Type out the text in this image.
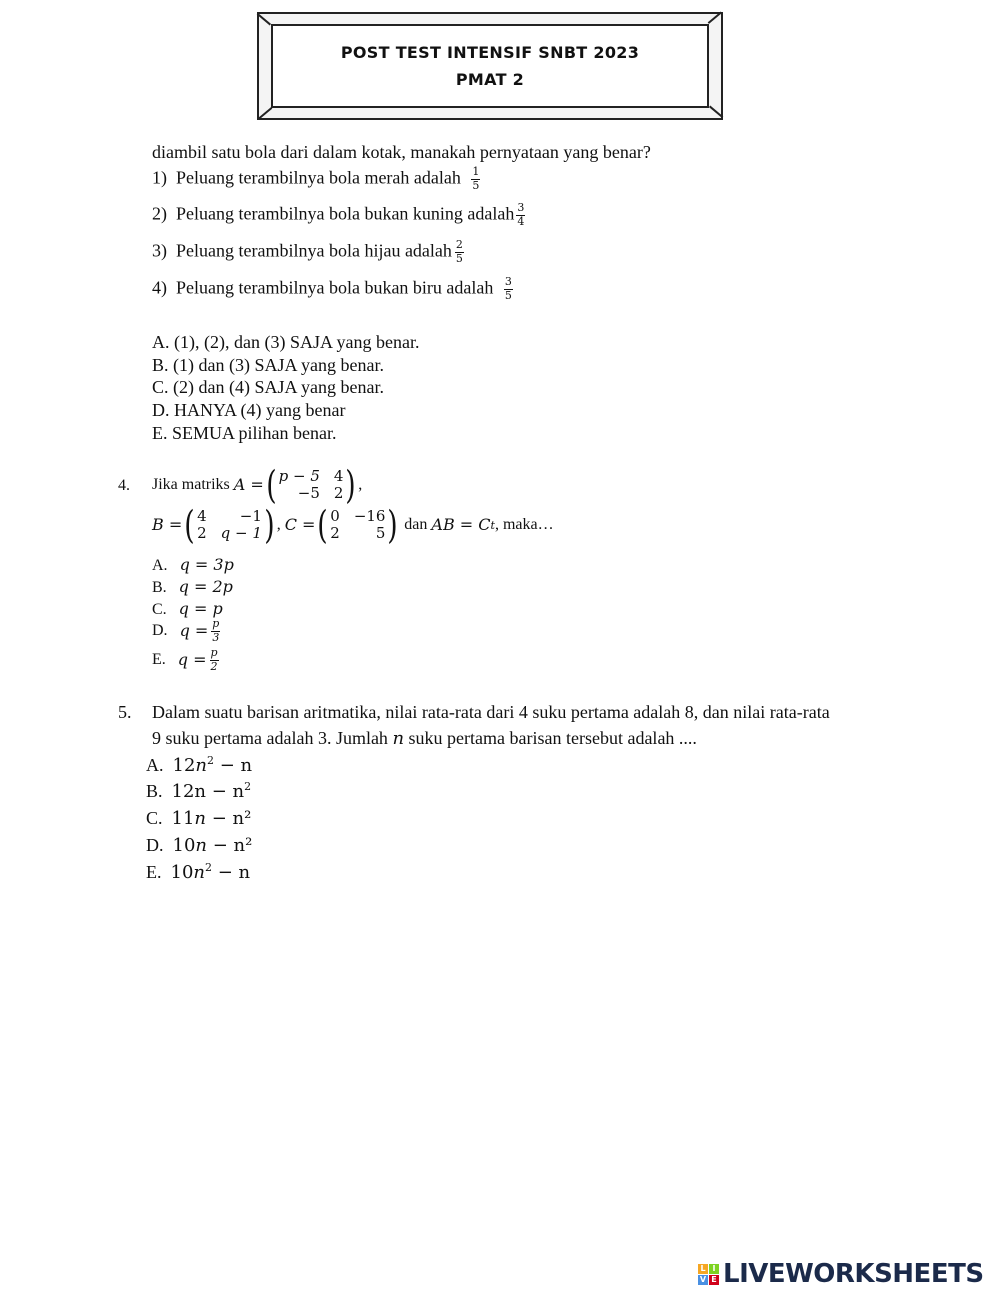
POST TEST INTENSIF SNBT 2023
PMAT 2
diambil satu bola dari dalam kotak, manakah pernyataan yang benar?
1) Peluang terambilnya bola merah adalah $\frac{1}{5}$
2) Peluang terambilnya bola bukan kuning adalah $\frac{3}{4}$
3) Peluang terambilnya bola hijau adalah $\frac{2}{5}$
4) Peluang terambilnya bola bukan biru adalah $\frac{3}{5}$
A. (1), (2), dan (3) SAJA yang benar.
B. (1) dan (3) SAJA yang benar.
C. (2) dan (4) SAJA yang benar.
D. HANYA (4) yang benar
E. SEMUA pilihan benar.
4. Jika matriks
A = ( p − 5 4
−5 2 ) ,
B = ( 4	−1
2 q − 1 ) , C = ( 0 −16
2	5 )
dan
AB = C t , maka…
A. q = 3p
B. q = 2p
C. q = p
D.
$q = \frac{p}{3}$
E.
$q = \frac{p}{2}$
5. Dalam suatu barisan aritmatika, nilai rata-rata dari 4 suku pertama adalah 8, dan nilai rata-rata
9 suku pertama adalah 3. Jumlah n suku pertama barisan tersebut adalah ....
A. $12n^2 - n$
B. $12n - n^2$
C. 11n − n²
D. 10n − n²
E. $10n^2 - n$
L I
V E LIVEWORKSHEETS
